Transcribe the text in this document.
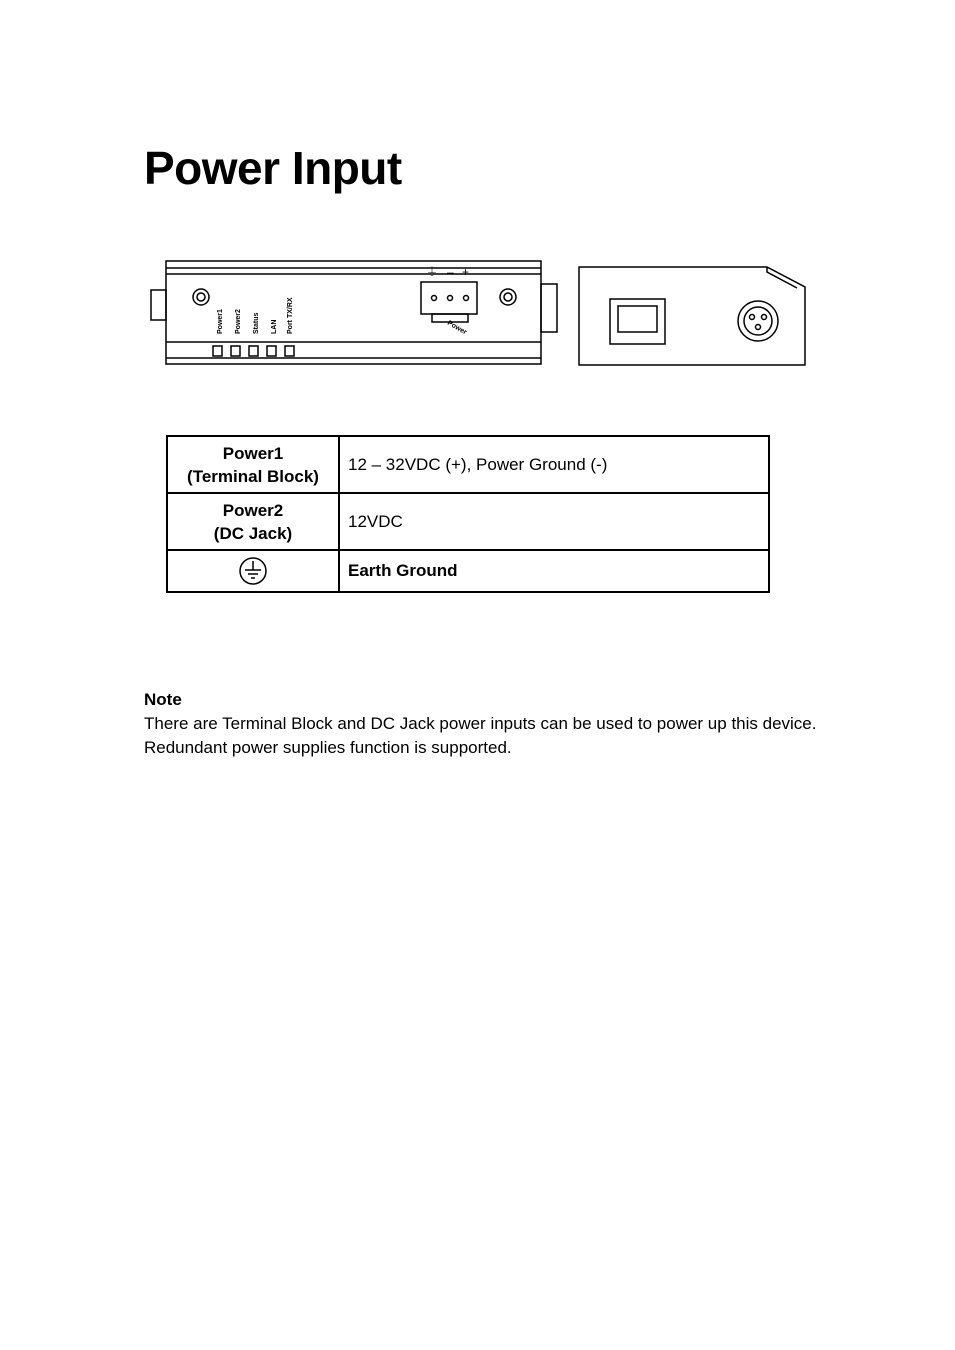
Power Input
⏚ – +
Power1 Power2 Status LAN Port TX/RX	Power
Power1
(Terminal Block)	12 – 32VDC (+), Power Ground (-)

Power2
(DC Jack)	12VDC
	Earth Ground
Note
There are Terminal Block and DC Jack power inputs can be used to power up this device. Redundant power supplies function is supported.
